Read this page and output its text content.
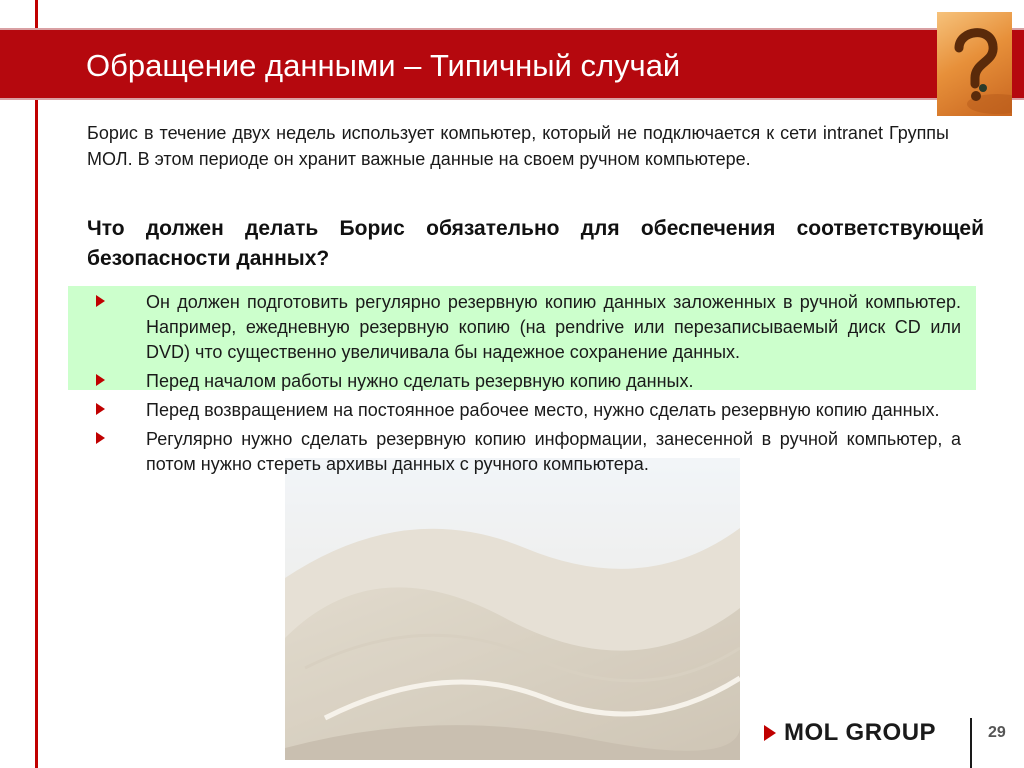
Обращение данными – Типичный случай
Борис в течение двух недель использует компьютер, который не подключается к сети intranet Группы МОЛ. В этом периоде он хранит важные данные на своем ручном компьютере.
Что должен делать Борис обязательно для обеспечения соответствующей безопасности данных?
Он должен подготовить регулярно резервную копию данных заложенных в ручной компьютер. Например, ежедневную резервную копию (на pendrive или перезаписываемый диск CD или DVD) что существенно увеличивала бы надежное сохранение данных.
Перед началом работы нужно сделать резервную копию данных.
Перед возвращением на постоянное рабочее место, нужно сделать резервную копию данных.
Регулярно нужно сделать резервную копию информации, занесенной в ручной компьютер, а потом нужно стереть архивы данных с ручного компьютера.
MOL GROUP	29
